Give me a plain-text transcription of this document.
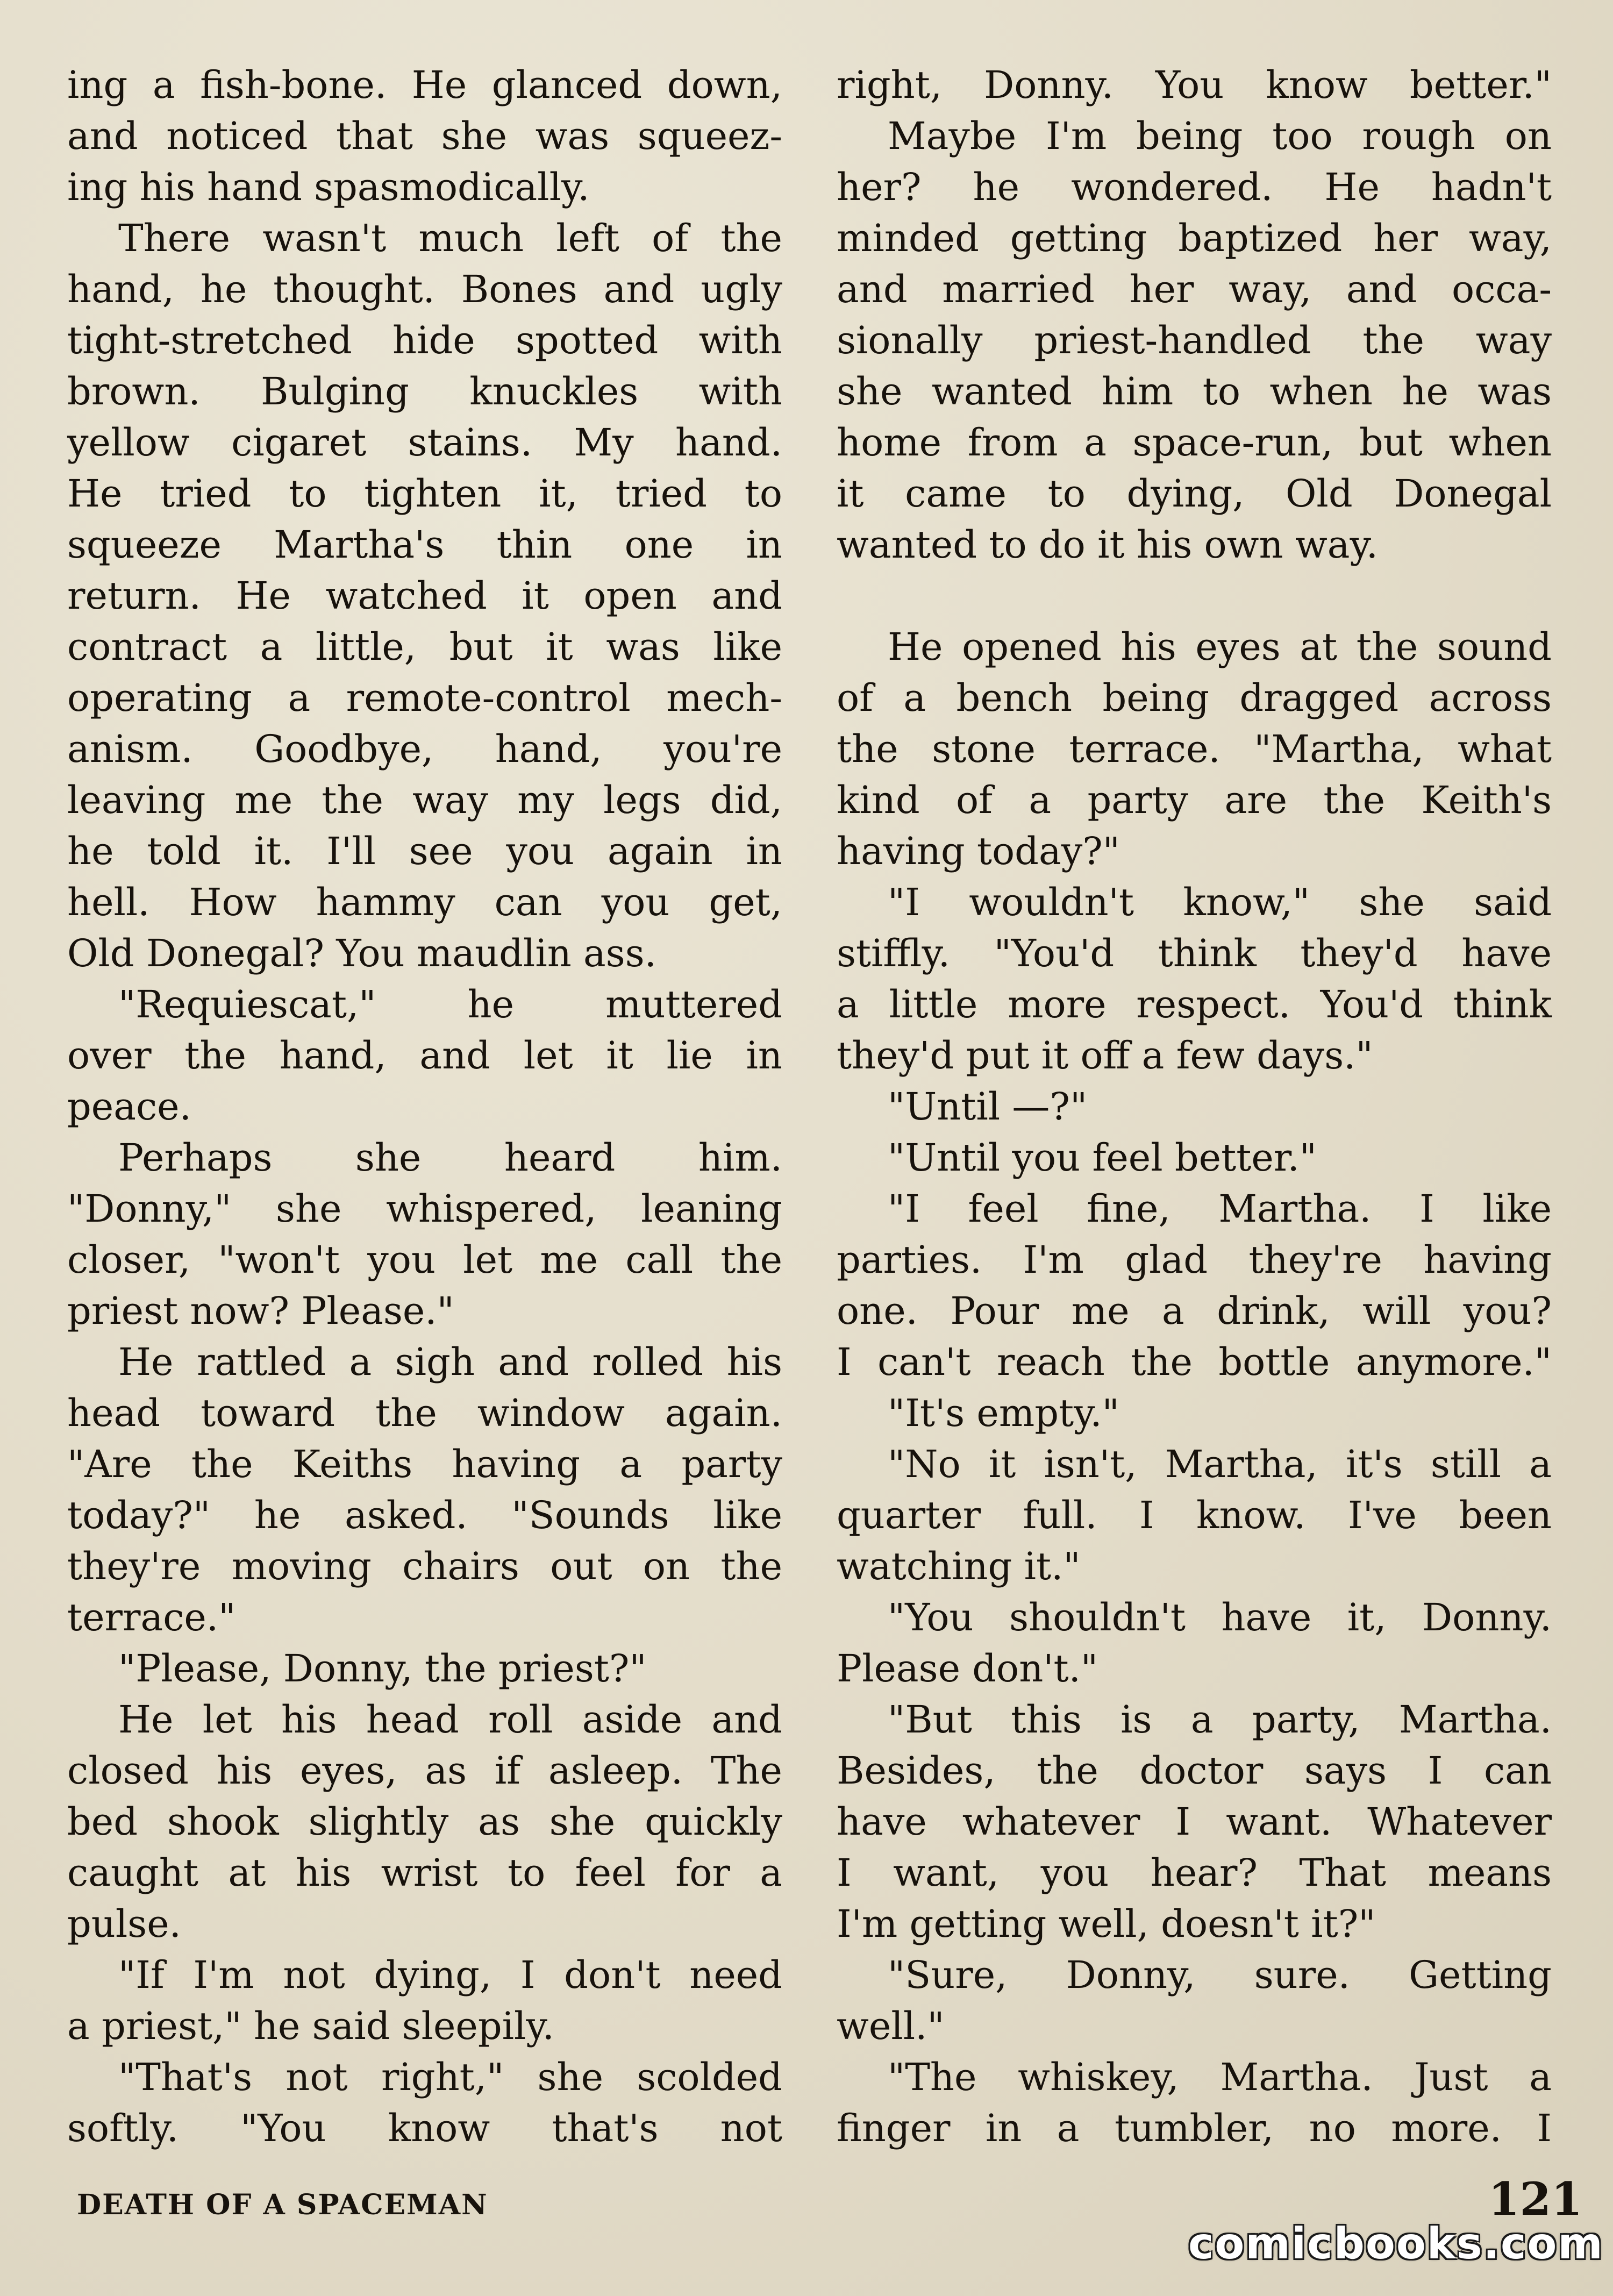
ing a fish-bone. He glanced down,
and noticed that she was squeez-
ing his hand spasmodically.
There wasn't much left of the
hand, he thought. Bones and ugly
tight-stretched hide spotted with
brown. Bulging knuckles with
yellow cigaret stains. My hand.
He tried to tighten it, tried to
squeeze Martha's thin one in
return. He watched it open and
contract a little, but it was like
operating a remote-control mech-
anism. Goodbye, hand, you're
leaving me the way my legs did,
he told it. I'll see you again in
hell. How hammy can you get,
Old Donegal? You maudlin ass.
"Requiescat," he muttered
over the hand, and let it lie in
peace.
Perhaps she heard him.
"Donny," she whispered, leaning
closer, "won't you let me call the
priest now? Please."
He rattled a sigh and rolled his
head toward the window again.
"Are the Keiths having a party
today?" he asked. "Sounds like
they're moving chairs out on the
terrace."
"Please, Donny, the priest?"
He let his head roll aside and
closed his eyes, as if asleep. The
bed shook slightly as she quickly
caught at his wrist to feel for a
pulse.
"If I'm not dying, I don't need
a priest," he said sleepily.
"That's not right," she scolded
softly. "You know that's not
right, Donny. You know better."
Maybe I'm being too rough on
her? he wondered. He hadn't
minded getting baptized her way,
and married her way, and occa-
sionally priest-handled the way
she wanted him to when he was
home from a space-run, but when
it came to dying, Old Donegal
wanted to do it his own way.
He opened his eyes at the sound
of a bench being dragged across
the stone terrace. "Martha, what
kind of a party are the Keith's
having today?"
"I wouldn't know," she said
stiffly. "You'd think they'd have
a little more respect. You'd think
they'd put it off a few days."
"Until —?"
"Until you feel better."
"I feel fine, Martha. I like
parties. I'm glad they're having
one. Pour me a drink, will you?
I can't reach the bottle anymore."
"It's empty."
"No it isn't, Martha, it's still a
quarter full. I know. I've been
watching it."
"You shouldn't have it, Donny.
Please don't."
"But this is a party, Martha.
Besides, the doctor says I can
have whatever I want. Whatever
I want, you hear? That means
I'm getting well, doesn't it?"
"Sure, Donny, sure. Getting
well."
"The whiskey, Martha. Just a
finger in a tumbler, no more. I
DEATH OF A SPACEMAN	121
comicbooks.com
